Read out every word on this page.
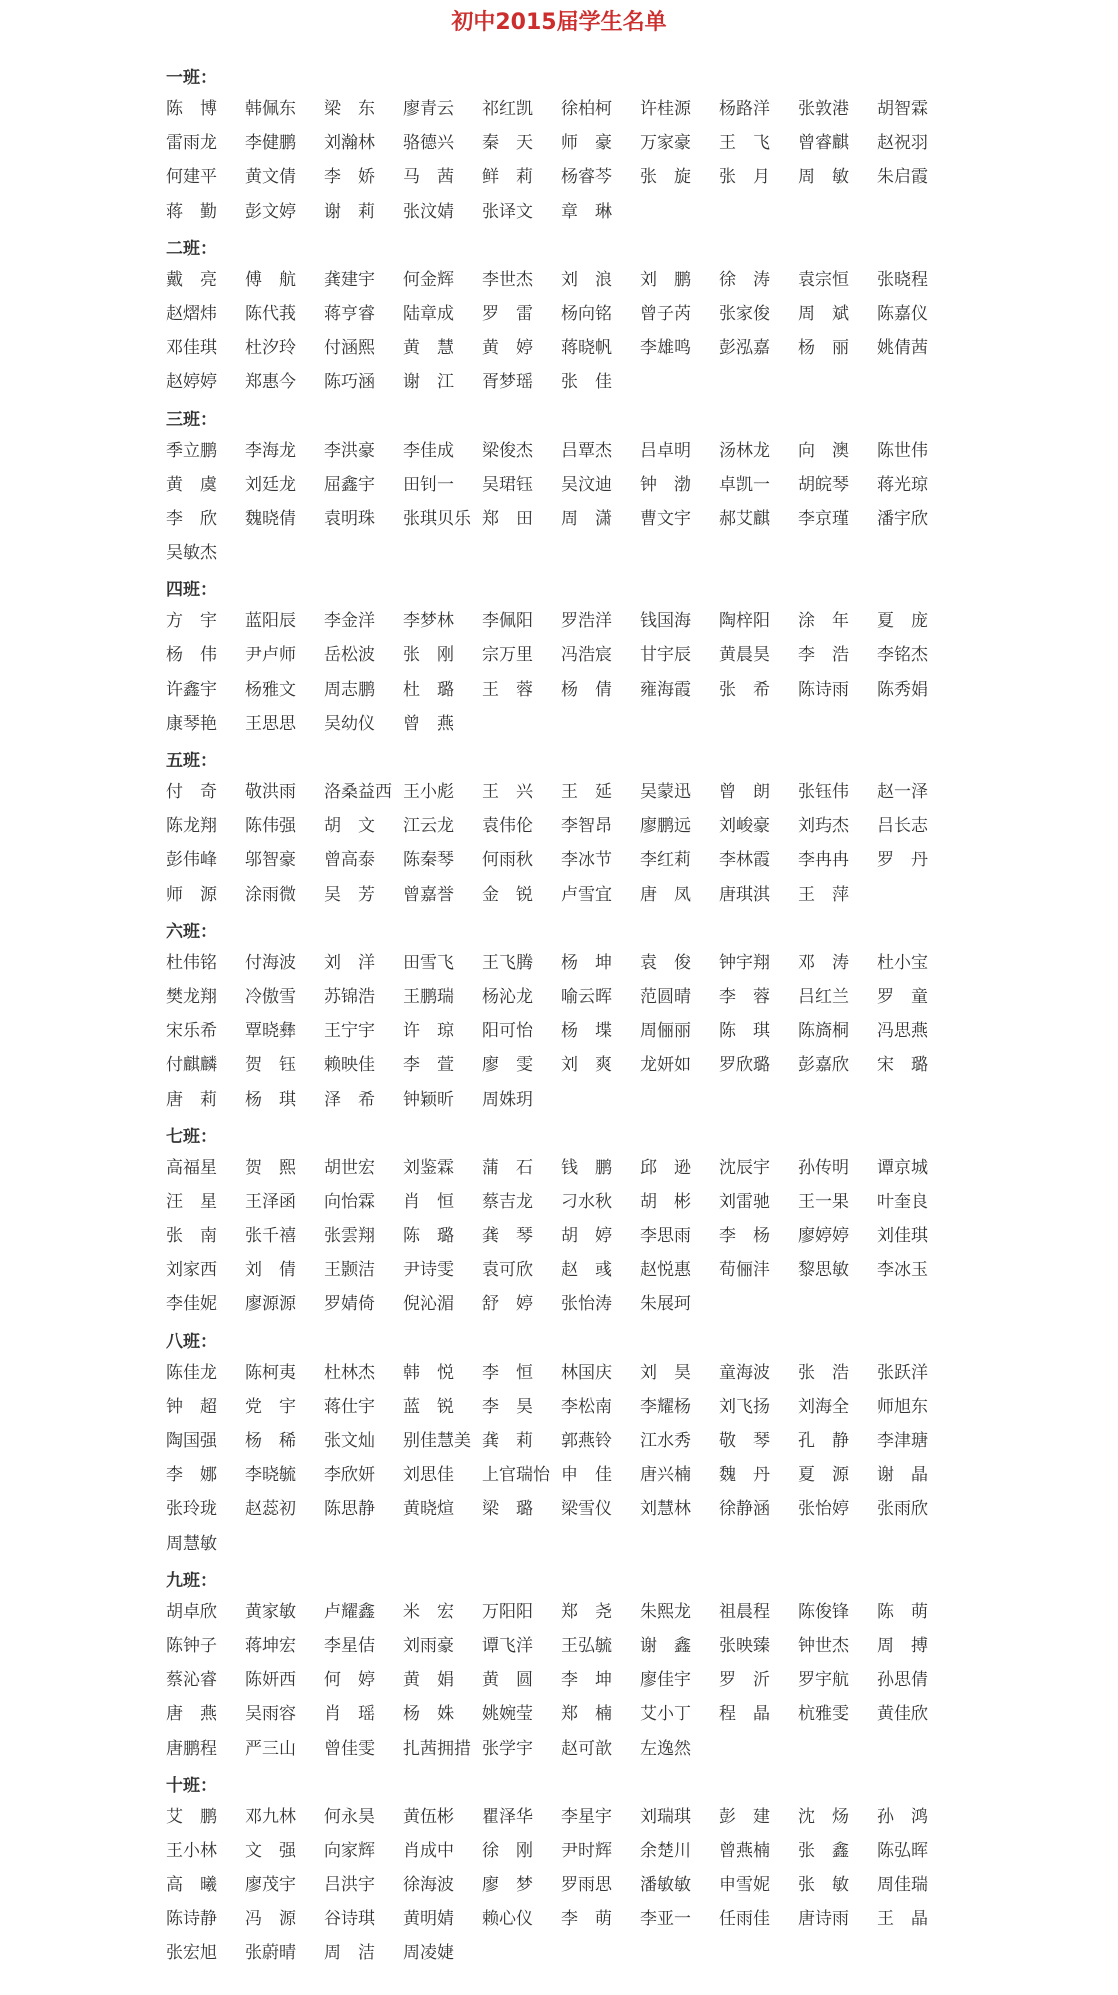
初中2015届学生名单
一班：
陈　博	韩佩东	梁　东	廖青云	祁红凯	徐柏柯	许桂源	杨路洋	张敦港	胡智霖
雷雨龙	李健鹏	刘瀚林	骆德兴	秦　天	师　豪	万家豪	王　飞	曾睿麒	赵祝羽
何建平	黄文倩	李　娇	马　茜	鲜　莉	杨睿芩	张　旋	张　月	周　敏	朱启霞
蒋　勤	彭文婷	谢　莉	张汶婧	张译文	章　琳
二班：
戴　亮	傅　航	龚建宇	何金辉	李世杰	刘　浪	刘　鹏	徐　涛	袁宗恒	张晓程
赵熠炜	陈代莪	蒋亨睿	陆章成	罗　雷	杨向铭	曾子芮	张家俊	周　斌	陈嘉仪
邓佳琪	杜汐玲	付涵熙	黄　慧	黄　婷	蒋晓帆	李雄鸣	彭泓嘉	杨　丽	姚倩茜
赵婷婷	郑惠今	陈巧涵	谢　江	胥梦瑶	张　佳
三班：
季立鹏	李海龙	李洪豪	李佳成	梁俊杰	吕覃杰	吕卓明	汤林龙	向　澳	陈世伟
黄　虞	刘廷龙	屈鑫宇	田钊一	吴珺钰	吴汶迪	钟　渤	卓凯一	胡皖琴	蒋光琼
李　欣	魏晓倩	袁明珠	张琪贝乐 郑　田	周　潇	曹文宇	郝艾麒	李京瑾	潘宇欣
吴敏杰
四班：
方　宇	蓝阳辰	李金洋	李梦林	李佩阳	罗浩洋	钱国海	陶梓阳	涂　年	夏　庞
杨　伟	尹卢师	岳松波	张　刚	宗万里	冯浩宸	甘宇辰	黄晨昊	李　浩	李铭杰
许鑫宇	杨雅文	周志鹏	杜　璐	王　蓉	杨　倩	雍海霞	张　希	陈诗雨	陈秀娟
康琴艳	王思思	吴幼仪	曾　燕
五班：
付　奇	敬洪雨	洛桑益西 王小彪	王　兴	王　延	吴蒙迅	曾　朗	张钰伟	赵一泽
陈龙翔	陈伟强	胡　文	江云龙	袁伟伦	李智昂	廖鹏远	刘峻豪	刘玙杰	吕长志
彭伟峰	邬智豪	曾高泰	陈秦琴	何雨秋	李冰节	李红莉	李林霞	李冉冉	罗　丹
师　源	涂雨微	吴　芳	曾嘉誉	金　锐	卢雪宜	唐　凤	唐琪淇	王　萍
六班：
杜伟铭	付海波	刘　洋	田雪飞	王飞腾	杨　坤	袁　俊	钟宇翔	邓　涛	杜小宝
樊龙翔	冷傲雪	苏锦浩	王鹏瑞	杨沁龙	喻云晖	范圆晴	李　蓉	吕红兰	罗　童
宋乐希	覃晓彝	王宁宇	许　琼	阳可怡	杨　堞	周俪丽	陈　琪	陈旖桐	冯思燕
付麒麟	贺　钰	赖映佳	李　萱	廖　雯	刘　爽	龙妍如	罗欣璐	彭嘉欣	宋　璐
唐　莉	杨　琪	泽　希	钟颖昕	周姝玥
七班：
高福星	贺　熙	胡世宏	刘鉴霖	蒲　石	钱　鹏	邱　逊	沈辰宇	孙传明	谭京城
汪　星	王泽函	向怡霖	肖　恒	蔡吉龙	刁水秋	胡　彬	刘雷驰	王一果	叶奎良
张　南	张千禧	张雲翔	陈　璐	龚　琴	胡　婷	李思雨	李　杨	廖婷婷	刘佳琪
刘家西	刘　倩	王颢洁	尹诗雯	袁可欣	赵　彧	赵悦惠	荀俪沣	黎思敏	李冰玉
李佳妮	廖源源	罗婧倚	倪沁湄	舒　婷	张怡涛	朱展珂
八班：
陈佳龙	陈柯夷	杜林杰	韩　悦	李　恒	林国庆	刘　昊	童海波	张　浩	张跃洋
钟　超	党　宇	蒋仕宇	蓝　锐	李　昊	李松南	李耀杨	刘飞扬	刘海全	师旭东
陶国强	杨　稀	张文灿	别佳慧美 龚　莉	郭燕铃	江水秀	敬　琴	孔　静	李津瑭
李　娜	李晓毓	李欣妍	刘思佳	上官瑞怡 申　佳	唐兴楠	魏　丹	夏　源	谢　晶
张玲珑	赵蕊初	陈思静	黄晓煊	梁　璐	梁雪仪	刘慧林	徐静涵	张怡婷	张雨欣
周慧敏
九班：
胡卓欣	黄家敏	卢耀鑫	米　宏	万阳阳	郑　尧	朱熙龙	祖晨程	陈俊锋	陈　萌
陈钟子	蒋坤宏	李星佶	刘雨豪	谭飞洋	王弘毓	谢　鑫	张映臻	钟世杰	周　搏
蔡沁睿	陈妍西	何　婷	黄　娟	黄　圆	李　坤	廖佳宇	罗　沂	罗宇航	孙思倩
唐　燕	吴雨容	肖　瑶	杨　姝	姚婉莹	郑　楠	艾小丁	程　晶	杭雅雯	黄佳欣
唐鹏程	严三山	曾佳雯	扎茜拥措 张学宇	赵可歆	左逸然
十班：
艾　鹏	邓九林	何永昊	黄伍彬	瞿泽华	李星宇	刘瑞琪	彭　建	沈　炀	孙　鸿
王小林	文　强	向家辉	肖成中	徐　刚	尹时辉	余楚川	曾燕楠	张　鑫	陈弘晖
高　曦	廖茂宇	吕洪宇	徐海波	廖　梦	罗雨思	潘敏敏	申雪妮	张　敏	周佳瑞
陈诗静	冯　源	谷诗琪	黄明婧	赖心仪	李　萌	李亚一	任雨佳	唐诗雨	王　晶
张宏旭	张蔚晴	周　洁	周凌婕
